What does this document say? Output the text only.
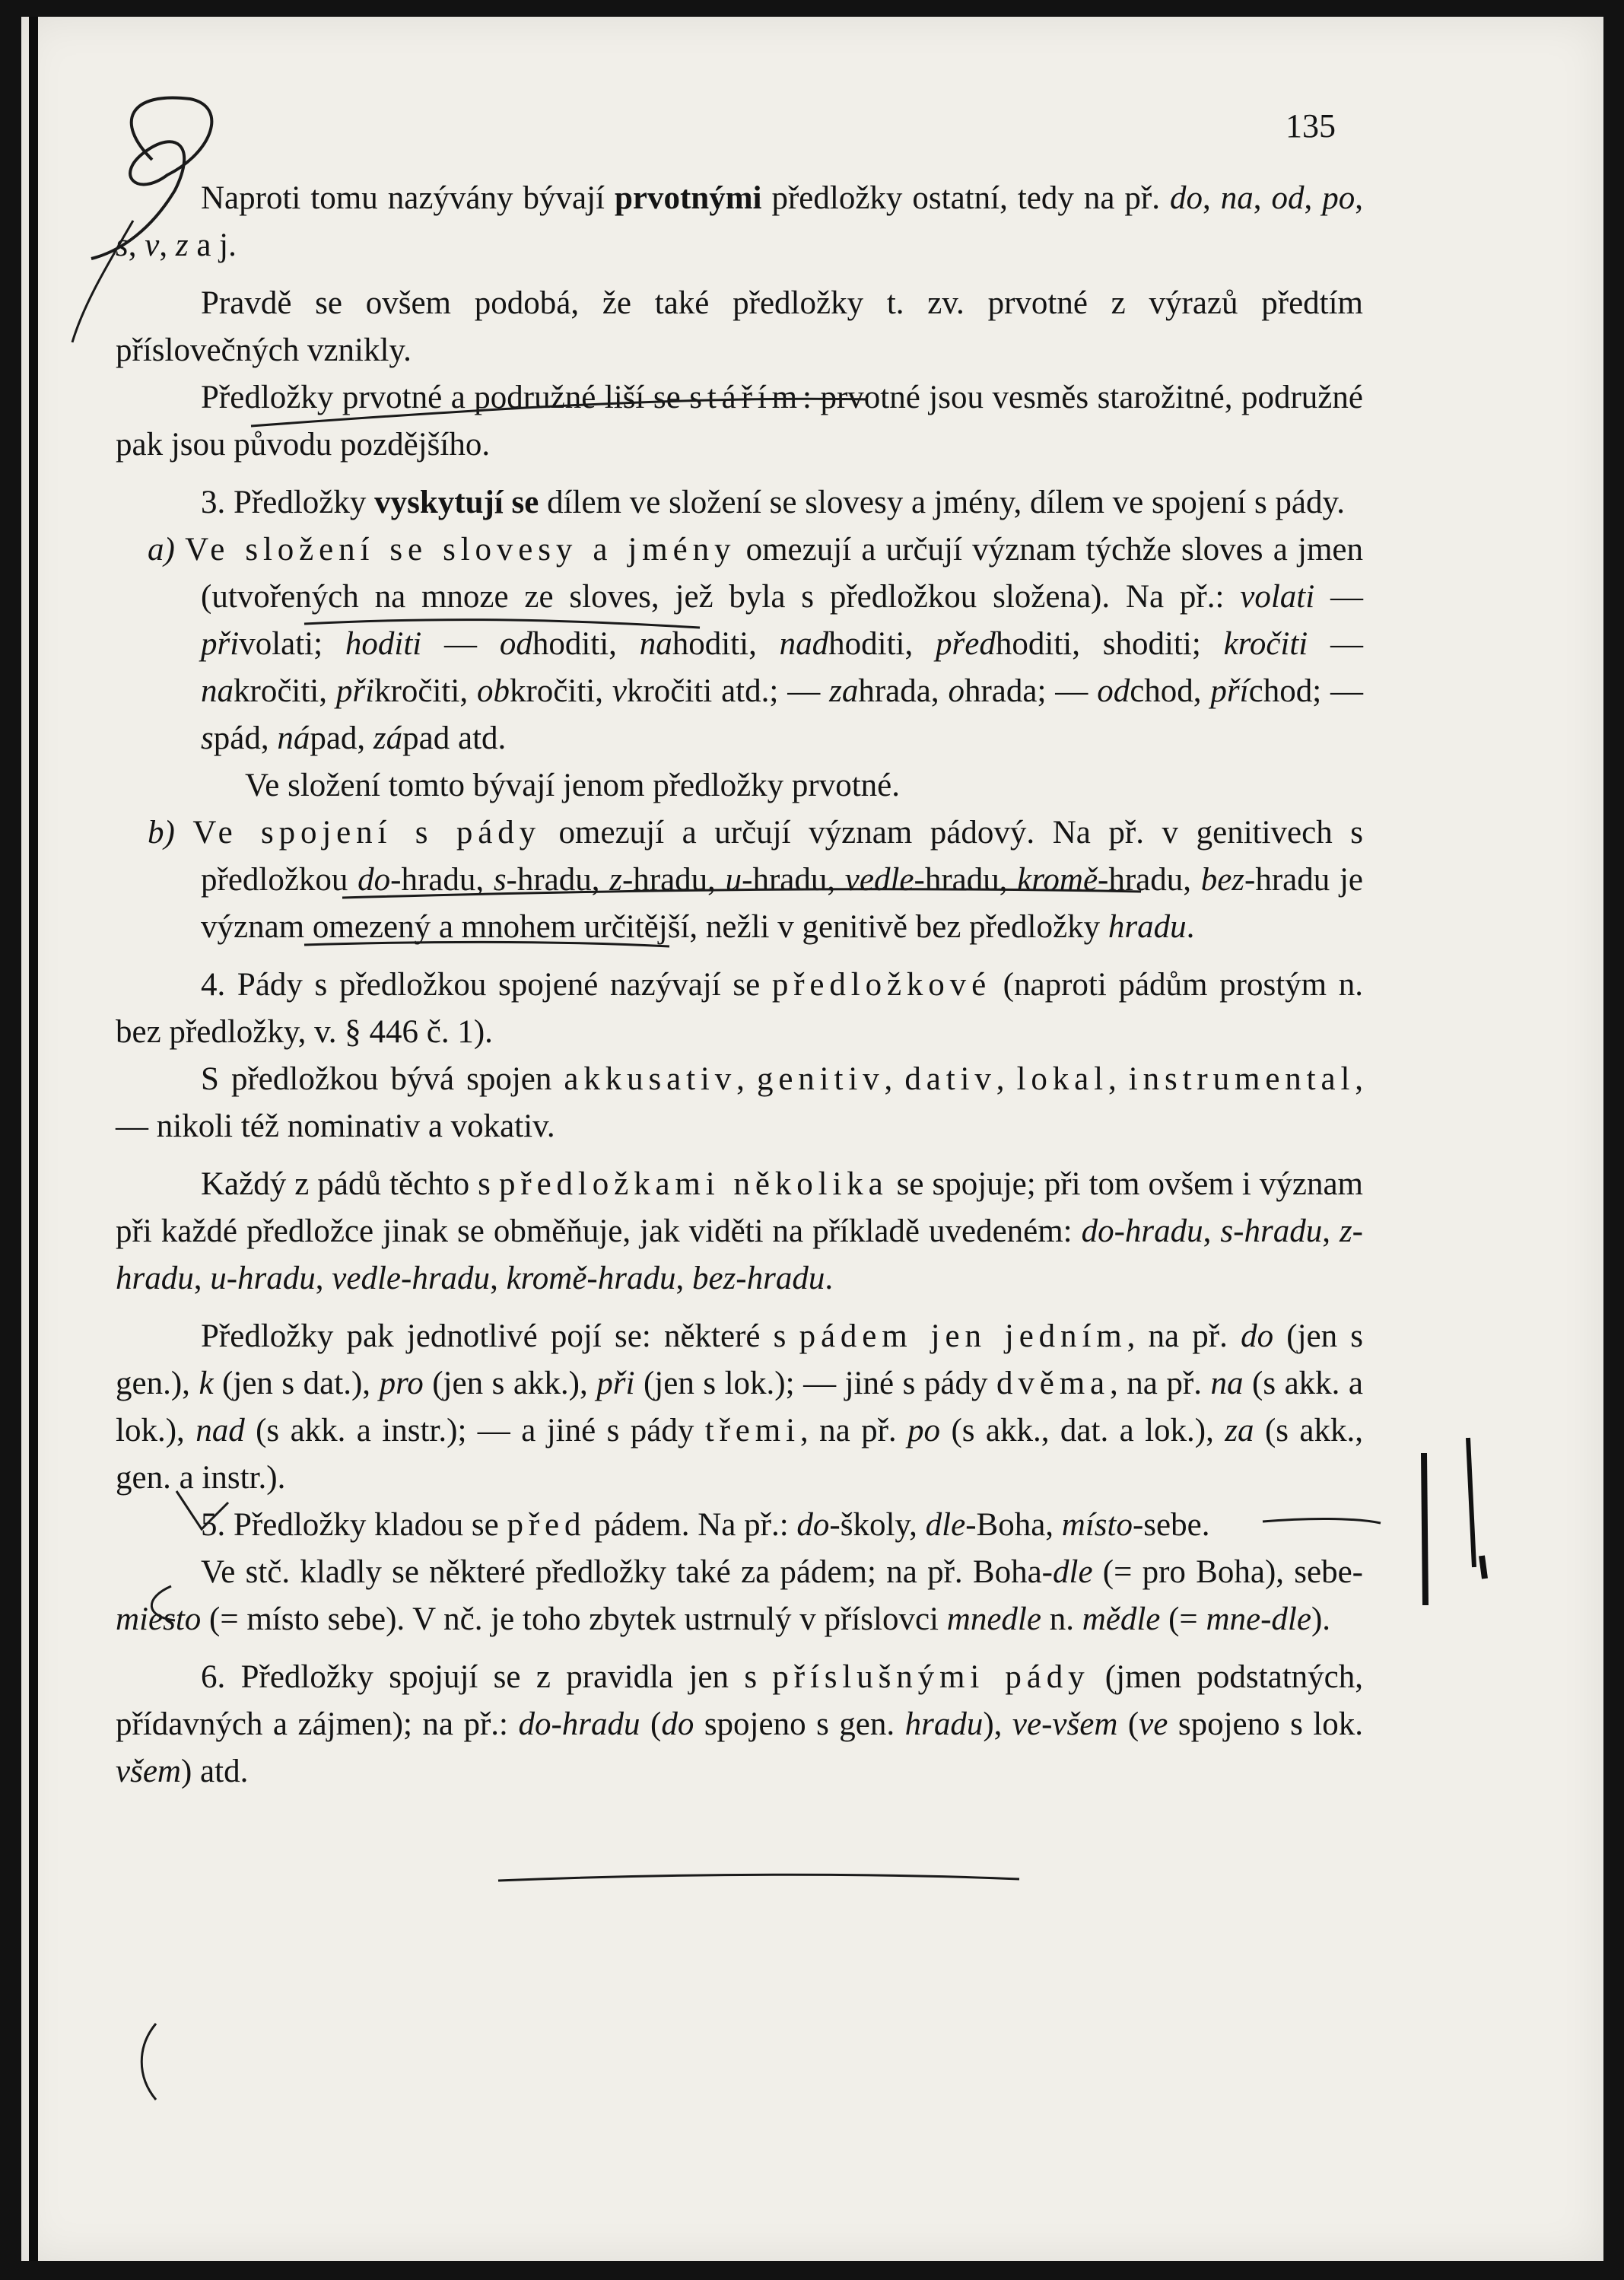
135

Naproti tomu nazývány bývají prvotnými předložky ostatní, tedy na př. do, na, od, po, s, v, z a j.

Pravdě se ovšem podobá, že také předložky t. zv. prvotné z výrazů předtím příslovečných vznikly.

Předložky prvotné a podružné liší se stářím: prvotné jsou vesměs starožitné, podružné pak jsou původu pozdějšího.

3. Předložky vyskytují se dílem ve složení se slovesy a jmény, dílem ve spojení s pády.

a) Ve složení se slovesy a jmény omezují a určují význam týchže sloves a jmen (utvořených na mnoze ze sloves, jež byla s předložkou složena). Na př.: volati — přivolati; hoditi — odhoditi, nahoditi, nadhoditi, předhoditi, shoditi; kročiti — nakročiti, přikročiti, obkročiti, vkročiti atd.; — zahrada, ohrada; — odchod, příchod; — spád, nápad, západ atd.

Ve složení tomto bývají jenom předložky prvotné.

b) Ve spojení s pády omezují a určují význam pádový. Na př. v genitivech s předložkou do-hradu, s-hradu, z-hradu, u-hradu, vedle-hradu, kromě-hradu, bez-hradu je význam omezený a mnohem určitější, nežli v genitivě bez předložky hradu.

4. Pády s předložkou spojené nazývají se předložkové (naproti pádům prostým n. bez předložky, v. § 446 č. 1).

S předložkou bývá spojen akkusativ, genitiv, dativ, lokal, instrumental, — nikoli též nominativ a vokativ.

Každý z pádů těchto s předložkami několika se spojuje; při tom ovšem i význam při každé předložce jinak se obměňuje, jak viděti na příkladě uvedeném: do-hradu, s-hradu, z-hradu, u-hradu, vedle-hradu, kromě-hradu, bez-hradu.

Předložky pak jednotlivé pojí se: některé s pádem jen jedním, na př. do (jen s gen.), k (jen s dat.), pro (jen s akk.), při (jen s lok.); — jiné s pády dvěma, na př. na (s akk. a lok.), nad (s akk. a instr.); — a jiné s pády třemi, na př. po (s akk., dat. a lok.), za (s akk., gen. a instr.).

5. Předložky kladou se před pádem. Na př.: do-školy, dle-Boha, místo-sebe.

Ve stč. kladly se některé předložky také za pádem; na př. Boha-dle (= pro Boha), sebe-miesto (= místo sebe). V nč. je toho zbytek ustrnulý v příslovci mnedle n. mědle (= mne-dle).

6. Předložky spojují se z pravidla jen s příslušnými pády (jmen podstatných, přídavných a zájmen); na př.: do-hradu (do spojeno s gen. hradu), ve-všem (ve spojeno s lok. všem) atd.
